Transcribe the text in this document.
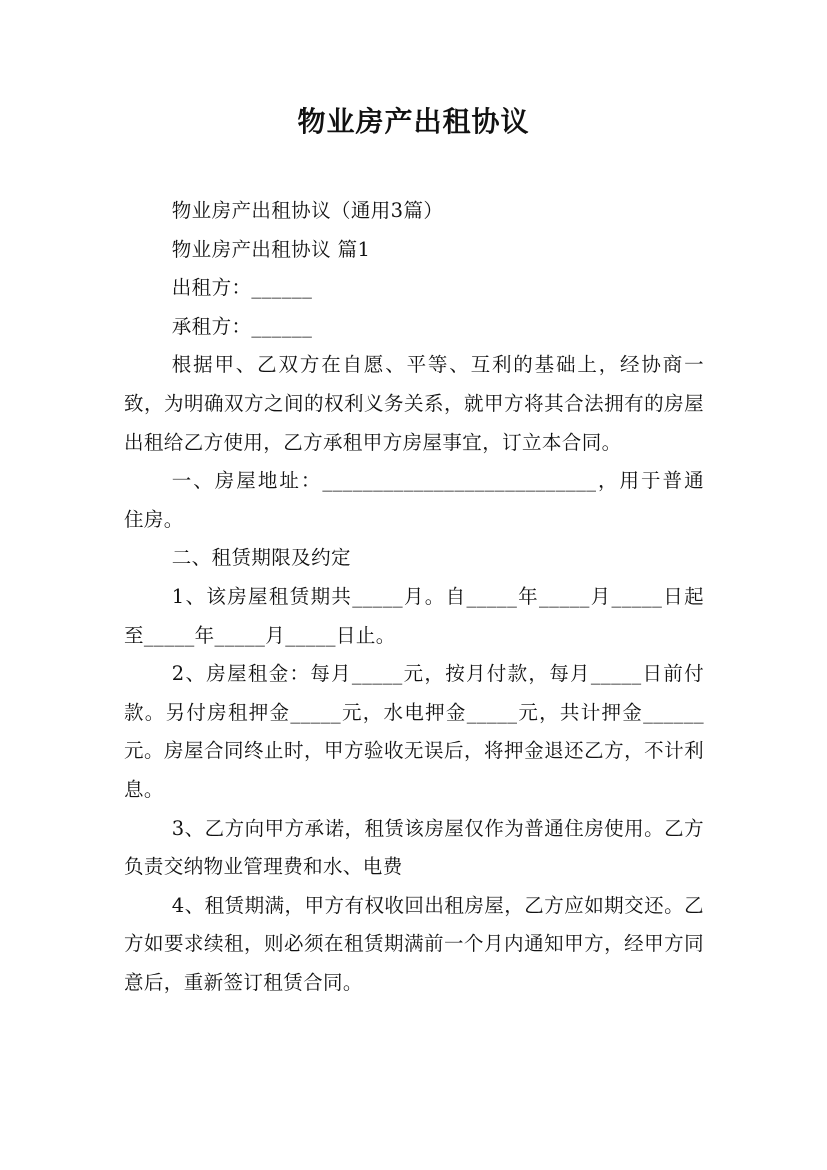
物业房产出租协议

物业房产出租协议（通用3篇）

物业房产出租协议 篇1

出租方：______

承租方：______

根据甲、乙双方在自愿、平等、互利的基础上，经协商一致，为明确双方之间的权利义务关系，就甲方将其合法拥有的房屋出租给乙方使用，乙方承租甲方房屋事宜，订立本合同。

一、房屋地址：___________________________，用于普通住房。

二、租赁期限及约定

1、该房屋租赁期共_____月。自_____年_____月_____日起至_____年_____月_____日止。

2、房屋租金：每月_____元，按月付款，每月_____日前付款。另付房租押金_____元，水电押金_____元，共计押金______元。房屋合同终止时，甲方验收无误后，将押金退还乙方，不计利息。

3、乙方向甲方承诺，租赁该房屋仅作为普通住房使用。乙方负责交纳物业管理费和水、电费

4、租赁期满，甲方有权收回出租房屋，乙方应如期交还。乙方如要求续租，则必须在租赁期满前一个月内通知甲方，经甲方同意后，重新签订租赁合同。
